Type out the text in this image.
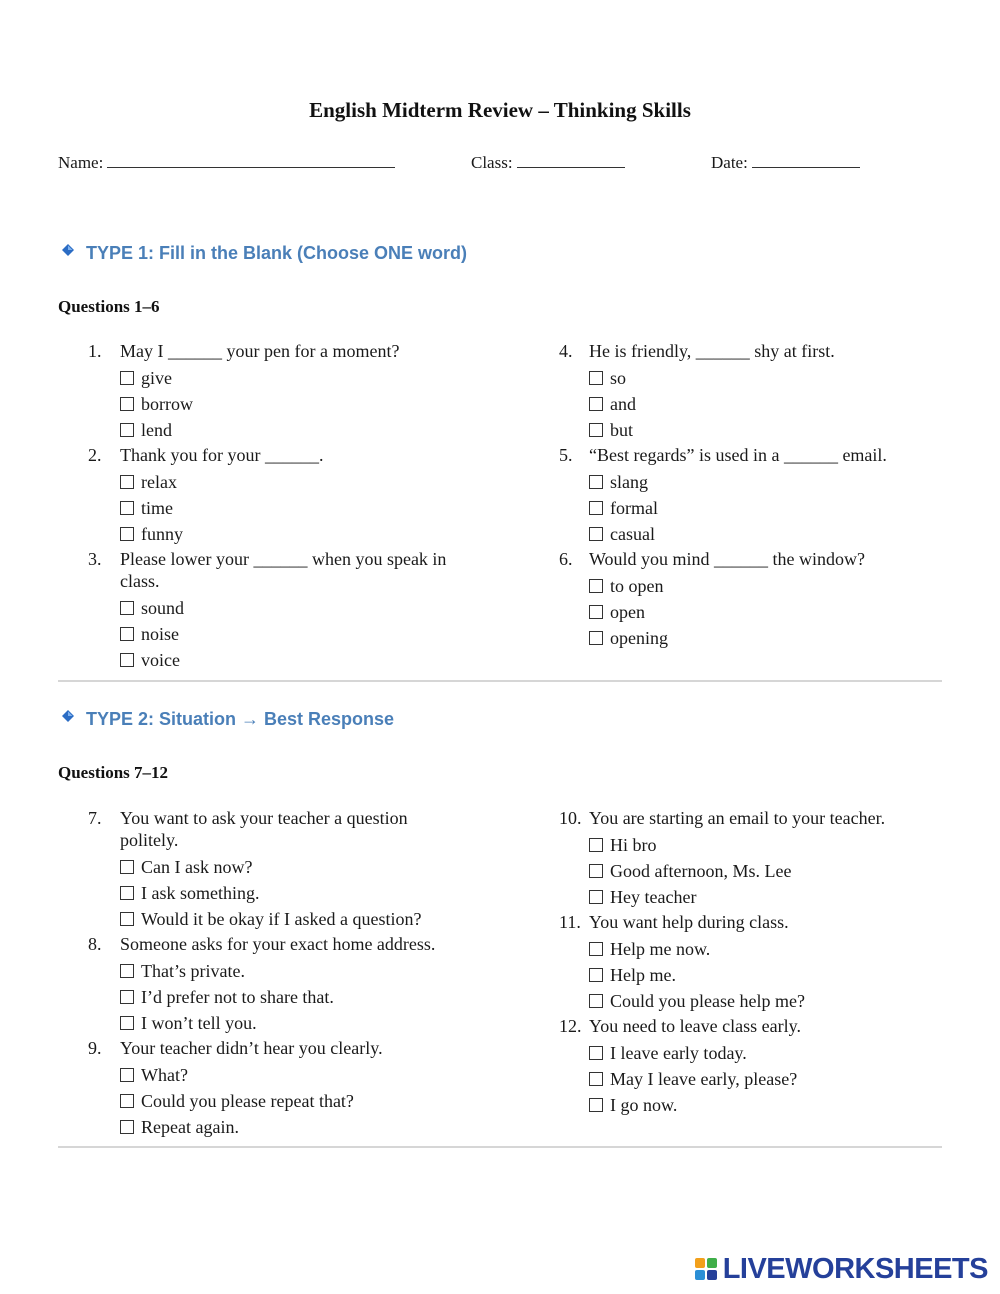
English Midterm Review – Thinking Skills
Name:	Class:	Date:
TYPE 1: Fill in the Blank (Choose ONE word)
Questions 1–6
1. May I ______ your pen for a moment?
give
borrow
lend
2. Thank you for your ______.
relax
time
funny
3. Please lower your ______ when you speak in class.
sound
noise
voice
4. He is friendly, ______ shy at first.
so
and
but
5. “Best regards” is used in a ______ email.
slang
formal
casual
6. Would you mind ______ the window?
to open
open
opening
TYPE 2: Situation → Best Response
Questions 7–12
7. You want to ask your teacher a question politely.
Can I ask now?
I ask something.
Would it be okay if I asked a question?
8. Someone asks for your exact home address.
That’s private.
I’d prefer not to share that.
I won’t tell you.
9. Your teacher didn’t hear you clearly.
What?
Could you please repeat that?
Repeat again.
10. You are starting an email to your teacher.
Hi bro
Good afternoon, Ms. Lee
Hey teacher
11. You want help during class.
Help me now.
Help me.
Could you please help me?
12. You need to leave class early.
I leave early today.
May I leave early, please?
I go now.
LIVEWORKSHEETS
